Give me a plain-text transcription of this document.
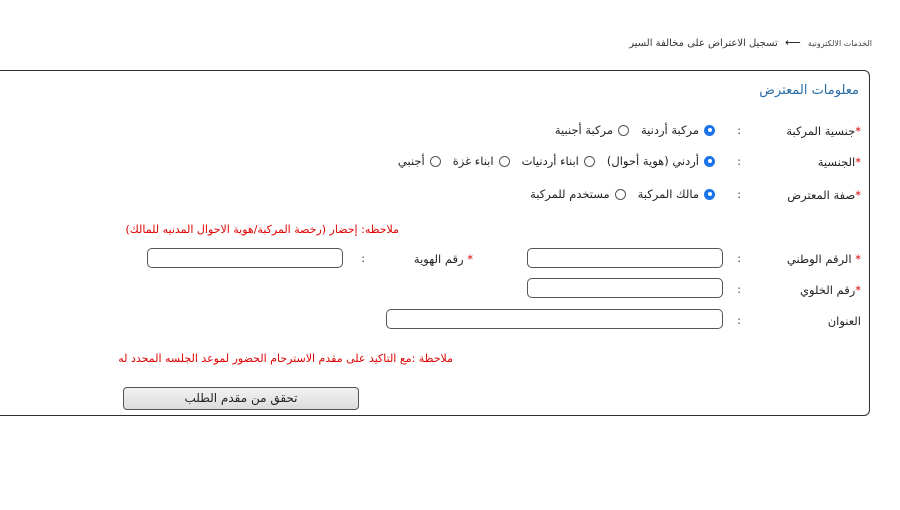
الخدمات الالكترونية ⟵ تسجيل الاعتراض على مخالفة السير
معلومات المعترض
*جنسية المركبة
:
مركبة أردنية
مركبة أجنبية
*الجنسية
:
أردني (هوية أحوال)
ابناء أردنيات
ابناء غزة
أجنبي
*صفة المعترض
:
مالك المركبة
مستخدم للمركبة
ملاحظه: إحضار (رخصة المركبة/هوية الاحوال المدنيه للمالك)
* الرقم الوطني
:
* رقم الهوية
:
*رقم الخلوي
:
العنوان
:
ملاحظة :مع التاكيد على مقدم الاسترحام الحضور لموعد الجلسه المحدد له
تحقق من مقدم الطلب
